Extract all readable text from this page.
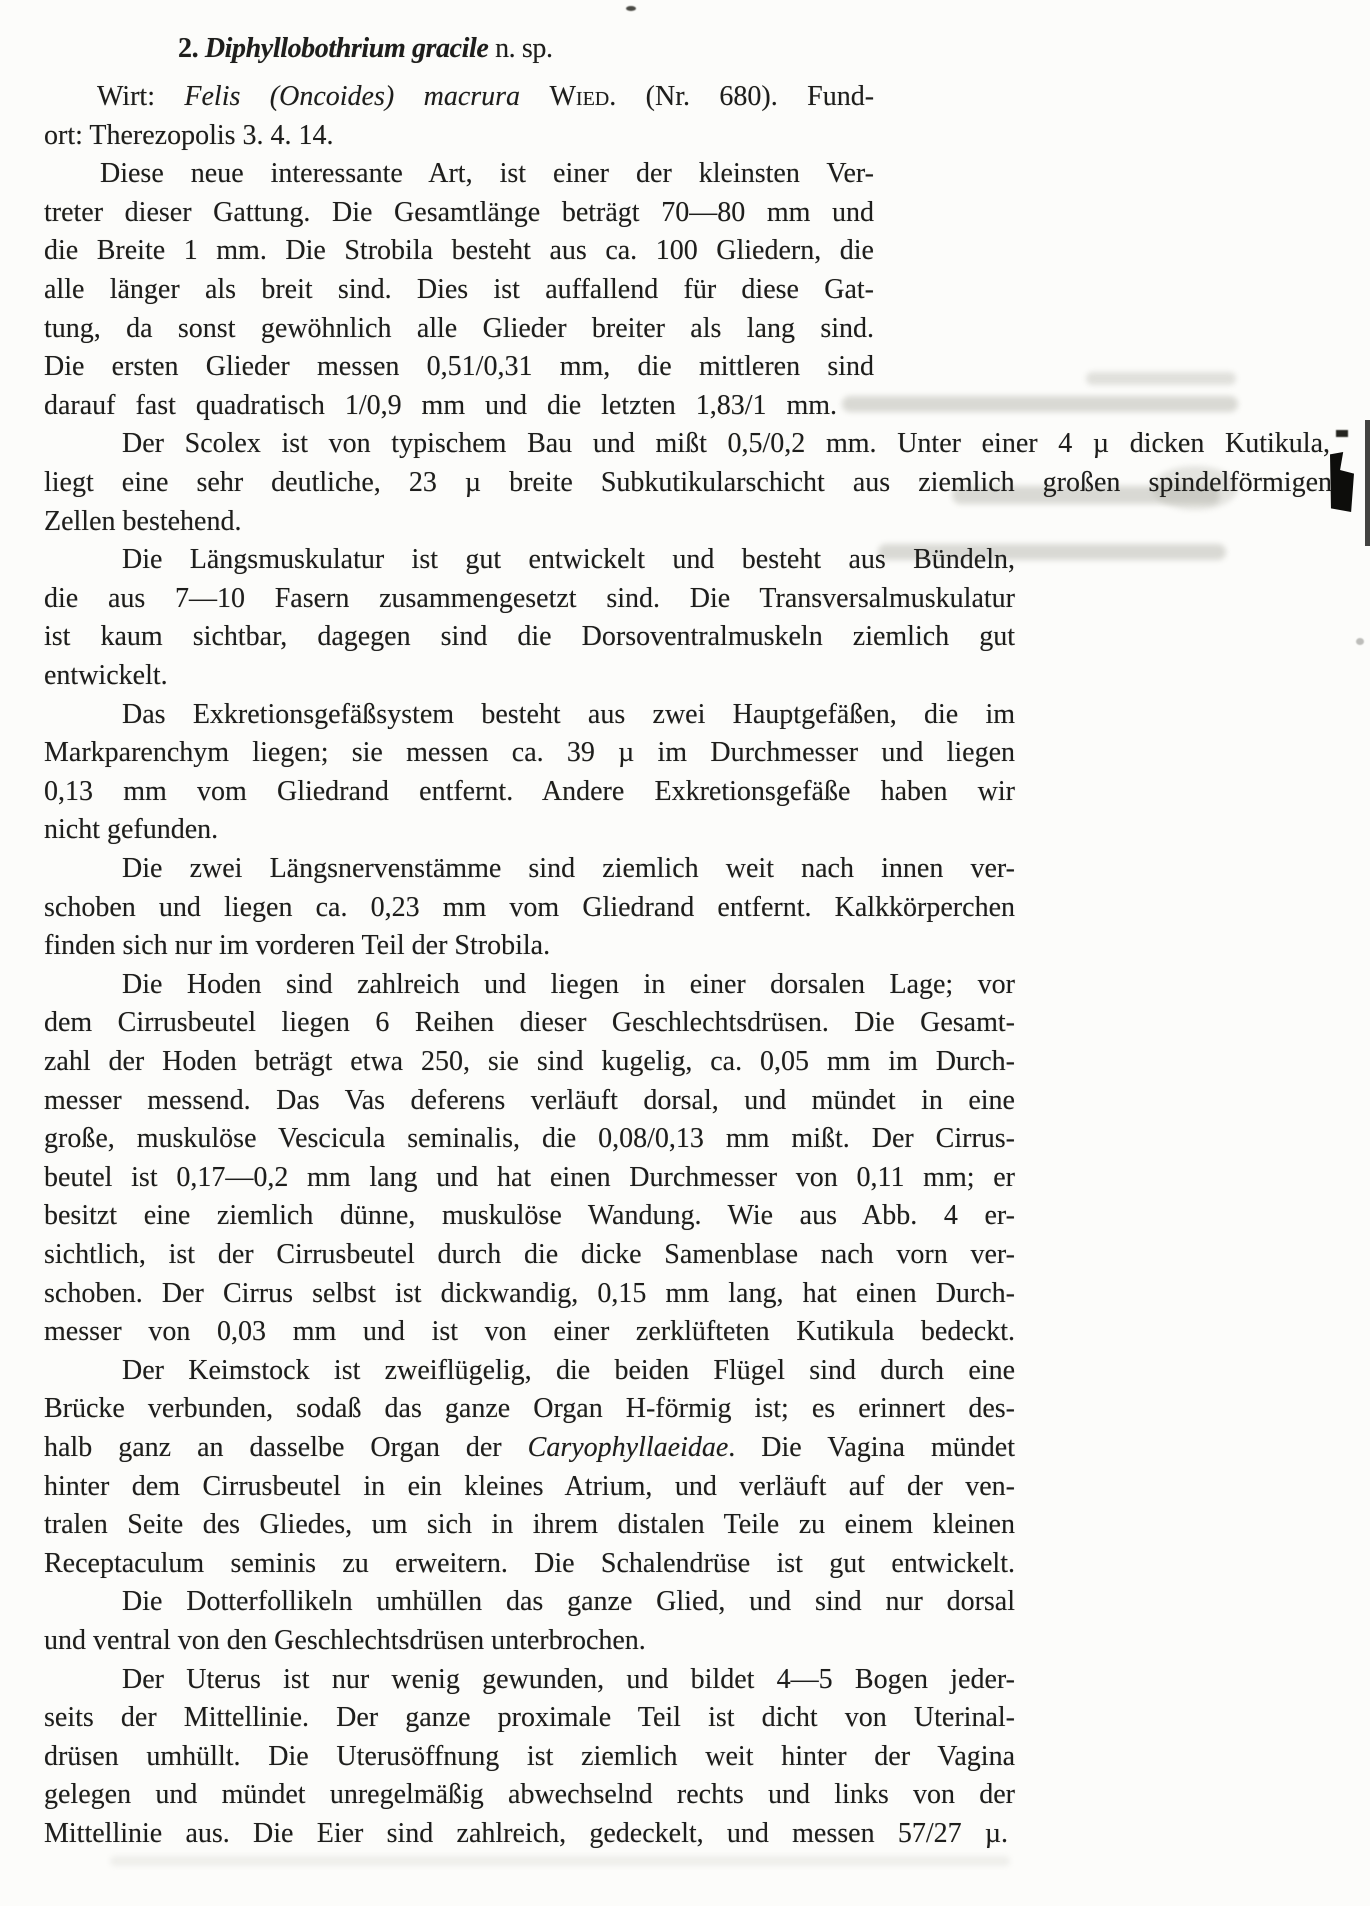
2. Diphyllobothrium gracile n. sp.
Wirt: Felis (Oncoides) macrura Wied. (Nr. 680). Fund-
ort: Therezopolis 3. 4. 14.
Diese neue interessante Art, ist einer der kleinsten Ver-
treter dieser Gattung. Die Gesamtlänge beträgt 70—80 mm und
die Breite 1 mm. Die Strobila besteht aus ca. 100 Gliedern, die
alle länger als breit sind. Dies ist auffallend für diese Gat-
tung, da sonst gewöhnlich alle Glieder breiter als lang sind.
Die ersten Glieder messen 0,51/0,31 mm, die mittleren sind
darauf fast quadratisch 1/0,9 mm und die letzten 1,83/1 mm.
Der Scolex ist von typischem Bau und mißt 0,5/0,2 mm. Unter einer 4 µ dicken Kutikula,
liegt eine sehr deutliche, 23 µ breite Subkutikularschicht aus ziemlich großen spindelförmigen
Zellen bestehend.
Die Längsmuskulatur ist gut entwickelt und besteht aus Bündeln,
die aus 7—10 Fasern zusammengesetzt sind. Die Transversalmuskulatur
ist kaum sichtbar, dagegen sind die Dorsoventralmuskeln ziemlich gut
entwickelt.
Das Exkretionsgefäßsystem besteht aus zwei Hauptgefäßen, die im
Markparenchym liegen; sie messen ca. 39 µ im Durchmesser und liegen
0,13 mm vom Gliedrand entfernt. Andere Exkretionsgefäße haben wir
nicht gefunden.
Die zwei Längsnervenstämme sind ziemlich weit nach innen ver-
schoben und liegen ca. 0,23 mm vom Gliedrand entfernt. Kalkkörperchen
finden sich nur im vorderen Teil der Strobila.
Die Hoden sind zahlreich und liegen in einer dorsalen Lage; vor
dem Cirrusbeutel liegen 6 Reihen dieser Geschlechtsdrüsen. Die Gesamt-
zahl der Hoden beträgt etwa 250, sie sind kugelig, ca. 0,05 mm im Durch-
messer messend. Das Vas deferens verläuft dorsal, und mündet in eine
große, muskulöse Vescicula seminalis, die 0,08/0,13 mm mißt. Der Cirrus-
beutel ist 0,17—0,2 mm lang und hat einen Durchmesser von 0,11 mm; er
besitzt eine ziemlich dünne, muskulöse Wandung. Wie aus Abb. 4 er-
sichtlich, ist der Cirrusbeutel durch die dicke Samenblase nach vorn ver-
schoben. Der Cirrus selbst ist dickwandig, 0,15 mm lang, hat einen Durch-
messer von 0,03 mm und ist von einer zerklüfteten Kutikula bedeckt.
Der Keimstock ist zweiflügelig, die beiden Flügel sind durch eine
Brücke verbunden, sodaß das ganze Organ H-förmig ist; es erinnert des-
halb ganz an dasselbe Organ der Caryophyllaeidae. Die Vagina mündet
hinter dem Cirrusbeutel in ein kleines Atrium, und verläuft auf der ven-
tralen Seite des Gliedes, um sich in ihrem distalen Teile zu einem kleinen
Receptaculum seminis zu erweitern. Die Schalendrüse ist gut entwickelt.
Die Dotterfollikeln umhüllen das ganze Glied, und sind nur dorsal
und ventral von den Geschlechtsdrüsen unterbrochen.
Der Uterus ist nur wenig gewunden, und bildet 4—5 Bogen jeder-
seits der Mittellinie. Der ganze proximale Teil ist dicht von Uterinal-
drüsen umhüllt. Die Uterusöffnung ist ziemlich weit hinter der Vagina
gelegen und mündet unregelmäßig abwechselnd rechts und links von der
Mittellinie aus. Die Eier sind zahlreich, gedeckelt, und messen 57/27 µ.
